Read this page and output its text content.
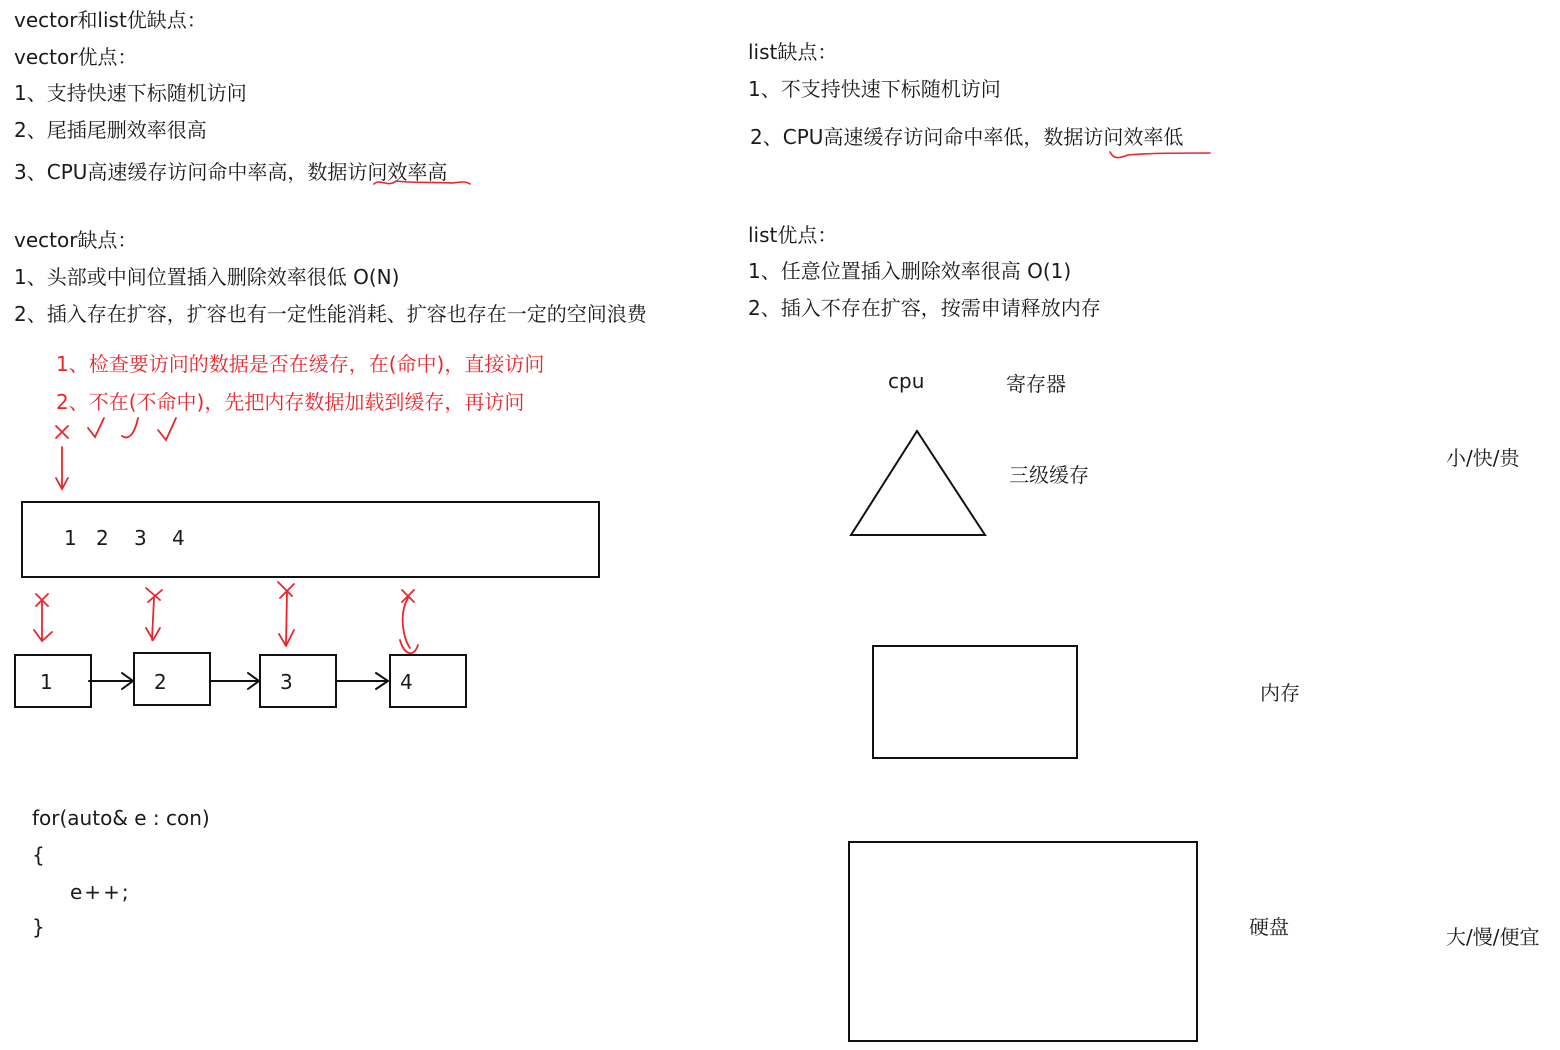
vector和list优缺点：
vector优点：
1、支持快速下标随机访问
2、尾插尾删效率很高
3、CPU高速缓存访问命中率高，数据访问效率高
vector缺点：
1、头部或中间位置插入删除效率很低 O(N)
2、插入存在扩容，扩容也有一定性能消耗、扩容也存在一定的空间浪费
1、检查要访问的数据是否在缓存，在(命中)，直接访问
2、不在(不命中)，先把内存数据加载到缓存，再访问
1 2 3 4
1	2	3	4
for(auto& e : con)
{
e++;
}
list缺点：
1、不支持快速下标随机访问
2、CPU高速缓存访问命中率低，数据访问效率低
list优点：
1、任意位置插入删除效率很高 O(1)
2、插入不存在扩容，按需申请释放内存
cpu	寄存器
三级缓存
小/快/贵
内存
硬盘	大/慢/便宜
